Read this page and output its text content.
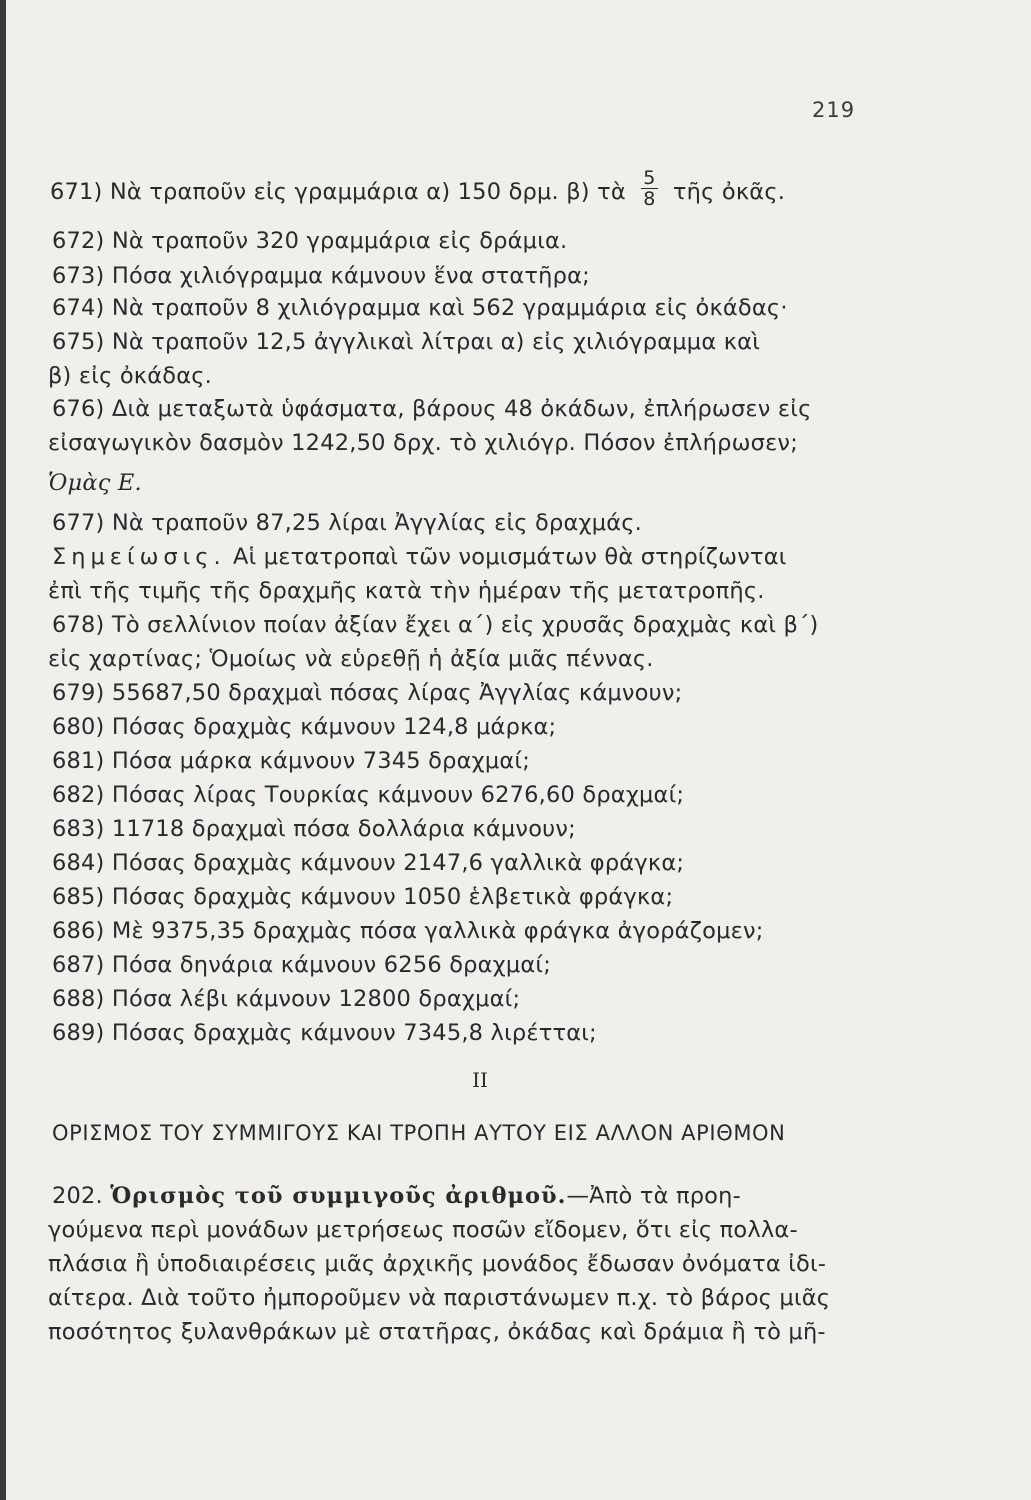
219
671) Νὰ τραποῦν εἰς γραμμάρια α) 150 δρμ. β) τὰ $\frac{5}{8}$ τῆς ὀκᾶς.
672) Νὰ τραποῦν 320 γραμμάρια εἰς δράμια.
673) Πόσα χιλιόγραμμα κάμνουν ἕνα στατῆρα;
674) Νὰ τραποῦν 8 χιλιόγραμμα καὶ 562 γραμμάρια εἰς ὀκάδας·
675) Νὰ τραποῦν 12,5 ἀγγλικαὶ λίτραι α) εἰς χιλιόγραμμα καὶ
β) εἰς ὀκάδας.
676) Διὰ μεταξωτὰ ὑφάσματα, βάρους 48 ὀκάδων, ἐπλήρωσεν εἰς
εἰσαγωγικὸν δασμὸν 1242,50 δρχ. τὸ χιλιόγρ. Πόσον ἐπλήρωσεν;
Ὁμὰς Ε.
677) Νὰ τραποῦν 87,25 λίραι Ἀγγλίας εἰς δραχμάς.
Σημείωσις. Αἱ μετατροπαὶ τῶν νομισμάτων θὰ στηρίζωνται
ἐπὶ τῆς τιμῆς τῆς δραχμῆς κατὰ τὴν ἡμέραν τῆς μετατροπῆς.
678) Τὸ σελλίνιον ποίαν ἀξίαν ἔχει α΄) εἰς χρυσᾶς δραχμὰς καὶ β΄)
εἰς χαρτίνας; Ὁμοίως νὰ εὑρεθῇ ἡ ἀξία μιᾶς πέννας.
679) 55687,50 δραχμαὶ πόσας λίρας Ἀγγλίας κάμνουν;
680) Πόσας δραχμὰς κάμνουν 124,8 μάρκα;
681) Πόσα μάρκα κάμνουν 7345 δραχμαί;
682) Πόσας λίρας Τουρκίας κάμνουν 6276,60 δραχμαί;
683) 11718 δραχμαὶ πόσα δολλάρια κάμνουν;
684) Πόσας δραχμὰς κάμνουν 2147,6 γαλλικὰ φράγκα;
685) Πόσας δραχμὰς κάμνουν 1050 ἑλβετικὰ φράγκα;
686) Μὲ 9375,35 δραχμὰς πόσα γαλλικὰ φράγκα ἀγοράζομεν;
687) Πόσα δηνάρια κάμνουν 6256 δραχμαί;
688) Πόσα λέβι κάμνουν 12800 δραχμαί;
689) Πόσας δραχμὰς κάμνουν 7345,8 λιρέτται;
II
ΟΡΙΣΜΟΣ ΤΟΥ ΣΥΜΜΙΓΟΥΣ ΚΑΙ ΤΡΟΠΗ ΑΥΤΟΥ ΕΙΣ ΑΛΛΟΝ ΑΡΙΘΜΟΝ
202. Ὁρισμὸς τοῦ συμμιγοῦς ἀριθμοῦ.—Ἀπὸ τὰ προη-
γούμενα περὶ μονάδων μετρήσεως ποσῶν εἴδομεν, ὅτι εἰς πολλα-
πλάσια ἢ ὑποδιαιρέσεις μιᾶς ἀρχικῆς μονάδος ἔδωσαν ὀνόματα ἰδι-
αίτερα. Διὰ τοῦτο ἠμποροῦμεν νὰ παριστάνωμεν π.χ. τὸ βάρος μιᾶς
ποσότητος ξυλανθράκων μὲ στατῆρας, ὀκάδας καὶ δράμια ἢ τὸ μῆ-
